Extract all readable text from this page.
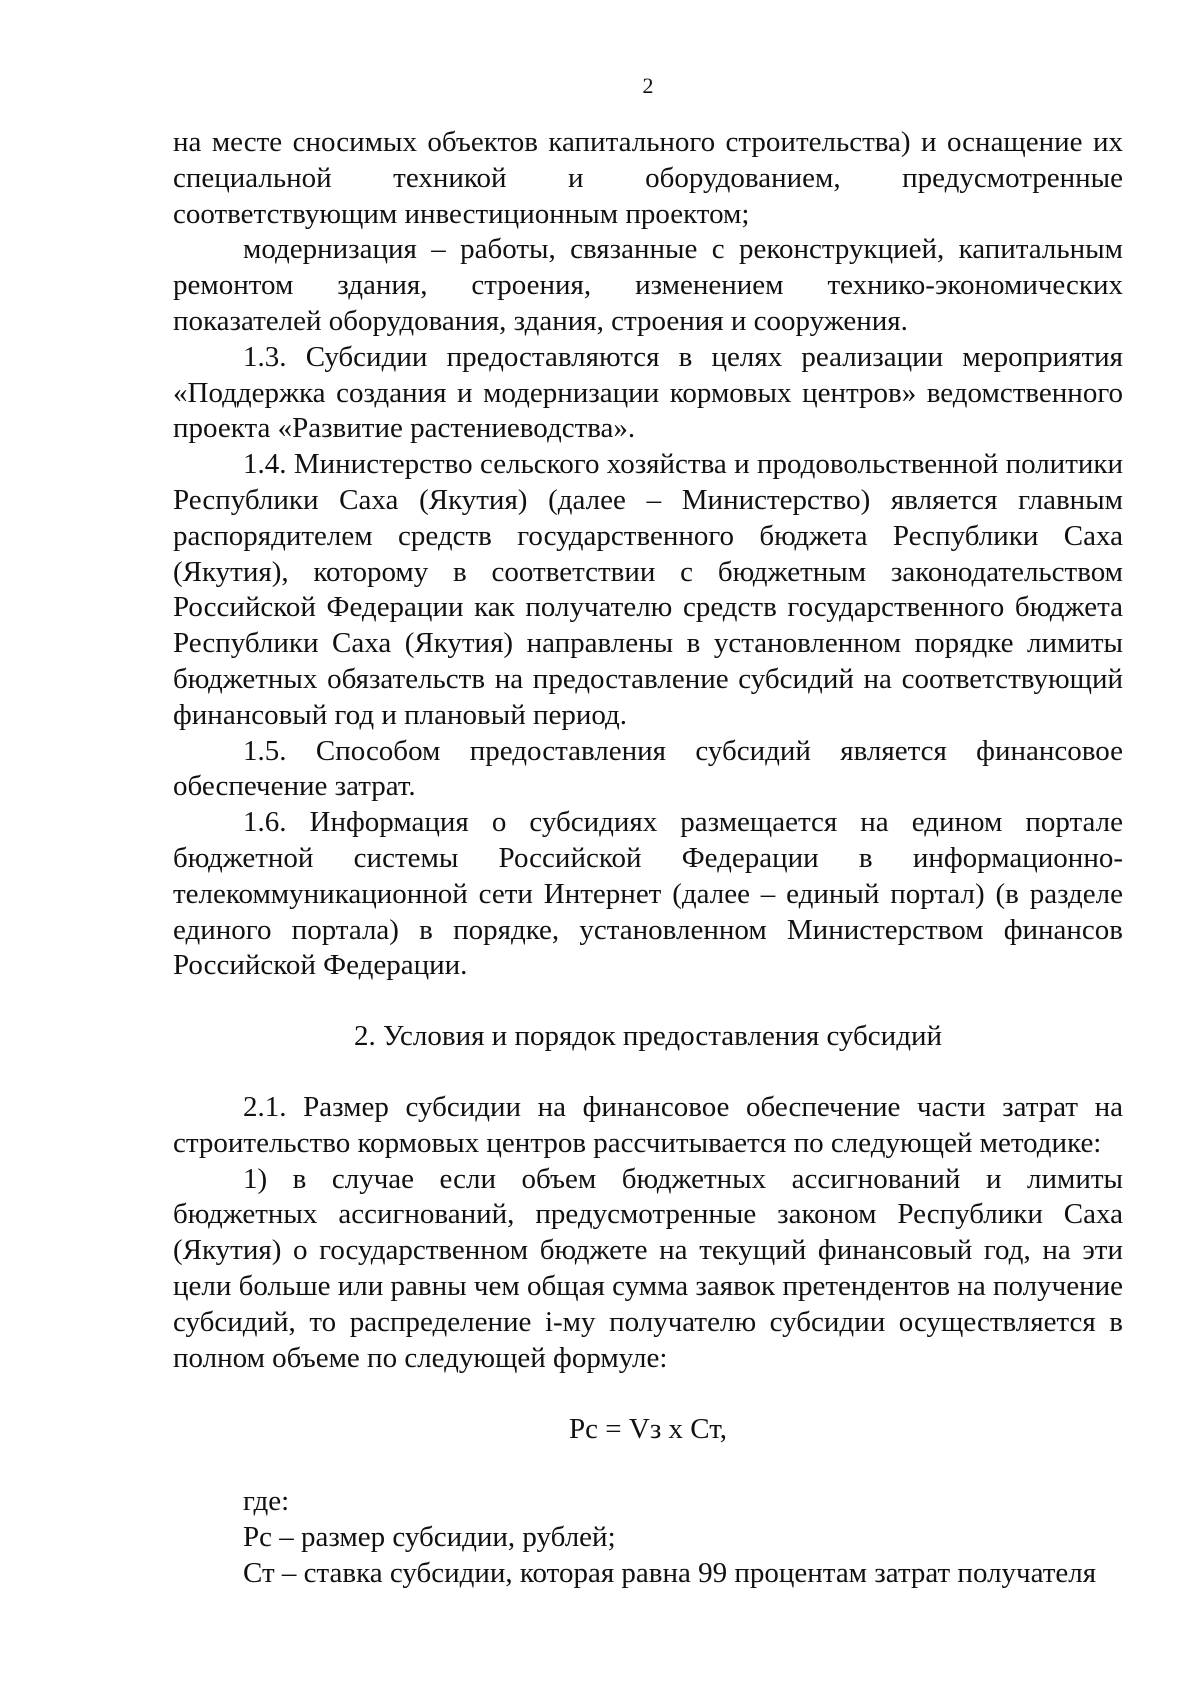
2

на месте сносимых объектов капитального строительства) и оснащение их специальной техникой и оборудованием, предусмотренные соответствующим инвестиционным проектом;

модернизация – работы, связанные с реконструкцией, капитальным ремонтом здания, строения, изменением технико-экономических показателей оборудования, здания, строения и сооружения.

1.3. Субсидии предоставляются в целях реализации мероприятия «Поддержка создания и модернизации кормовых центров» ведомственного проекта «Развитие растениеводства».

1.4. Министерство сельского хозяйства и продовольственной политики Республики Саха (Якутия) (далее – Министерство) является главным распорядителем средств государственного бюджета Республики Саха (Якутия), которому в соответствии с бюджетным законодательством Российской Федерации как получателю средств государственного бюджета Республики Саха (Якутия) направлены в установленном порядке лимиты бюджетных обязательств на предоставление субсидий на соответствующий финансовый год и плановый период.

1.5. Способом предоставления субсидий является финансовое обеспечение затрат.

1.6. Информация о субсидиях размещается на едином портале бюджетной системы Российской Федерации в информационно-телекоммуникационной сети Интернет (далее – единый портал) (в разделе единого портала) в порядке, установленном Министерством финансов Российской Федерации.

2. Условия и порядок предоставления субсидий

2.1. Размер субсидии на финансовое обеспечение части затрат на строительство кормовых центров рассчитывается по следующей методике:

1) в случае если объем бюджетных ассигнований и лимиты бюджетных ассигнований, предусмотренные законом Республики Саха (Якутия) о государственном бюджете на текущий финансовый год, на эти цели больше или равны чем общая сумма заявок претендентов на получение субсидий, то распределение i-му получателю субсидии осуществляется в полном объеме по следующей формуле:

Рс = Vз х Ст,

где:

Рс – размер субсидии, рублей;

Ст – ставка субсидии, которая равна 99 процентам затрат получателя
